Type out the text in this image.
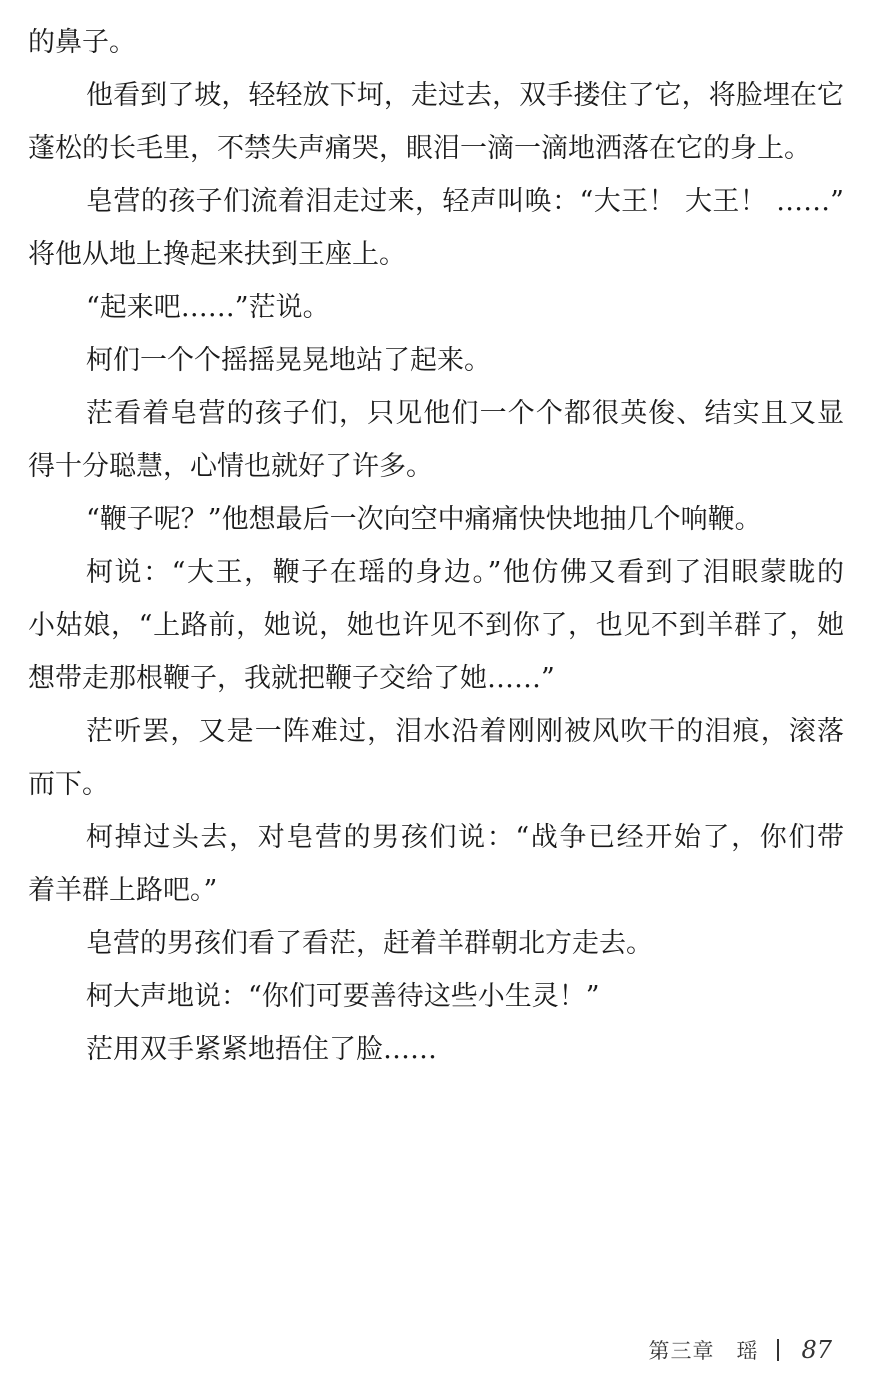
的鼻子。
他看到了坡，轻轻放下坷，走过去，双手搂住了它，将脸埋在它
蓬松的长毛里，不禁失声痛哭，眼泪一滴一滴地洒落在它的身上。
皂营的孩子们流着泪走过来，轻声叫唤：“大王！ 大王！ ……”
将他从地上搀起来扶到王座上。
“起来吧……”茫说。
柯们一个个摇摇晃晃地站了起来。
茫看着皂营的孩子们，只见他们一个个都很英俊、结实且又显
得十分聪慧，心情也就好了许多。
“鞭子呢？”他想最后一次向空中痛痛快快地抽几个响鞭。
柯说：“大王，鞭子在瑶的身边。”他仿佛又看到了泪眼蒙眬的
小姑娘，“上路前，她说，她也许见不到你了，也见不到羊群了，她
想带走那根鞭子，我就把鞭子交给了她……”
茫听罢，又是一阵难过，泪水沿着刚刚被风吹干的泪痕，滚落
而下。
柯掉过头去，对皂营的男孩们说：“战争已经开始了，你们带
着羊群上路吧。”
皂营的男孩们看了看茫，赶着羊群朝北方走去。
柯大声地说：“你们可要善待这些小生灵！”
茫用双手紧紧地捂住了脸……
第三章 瑶 87
